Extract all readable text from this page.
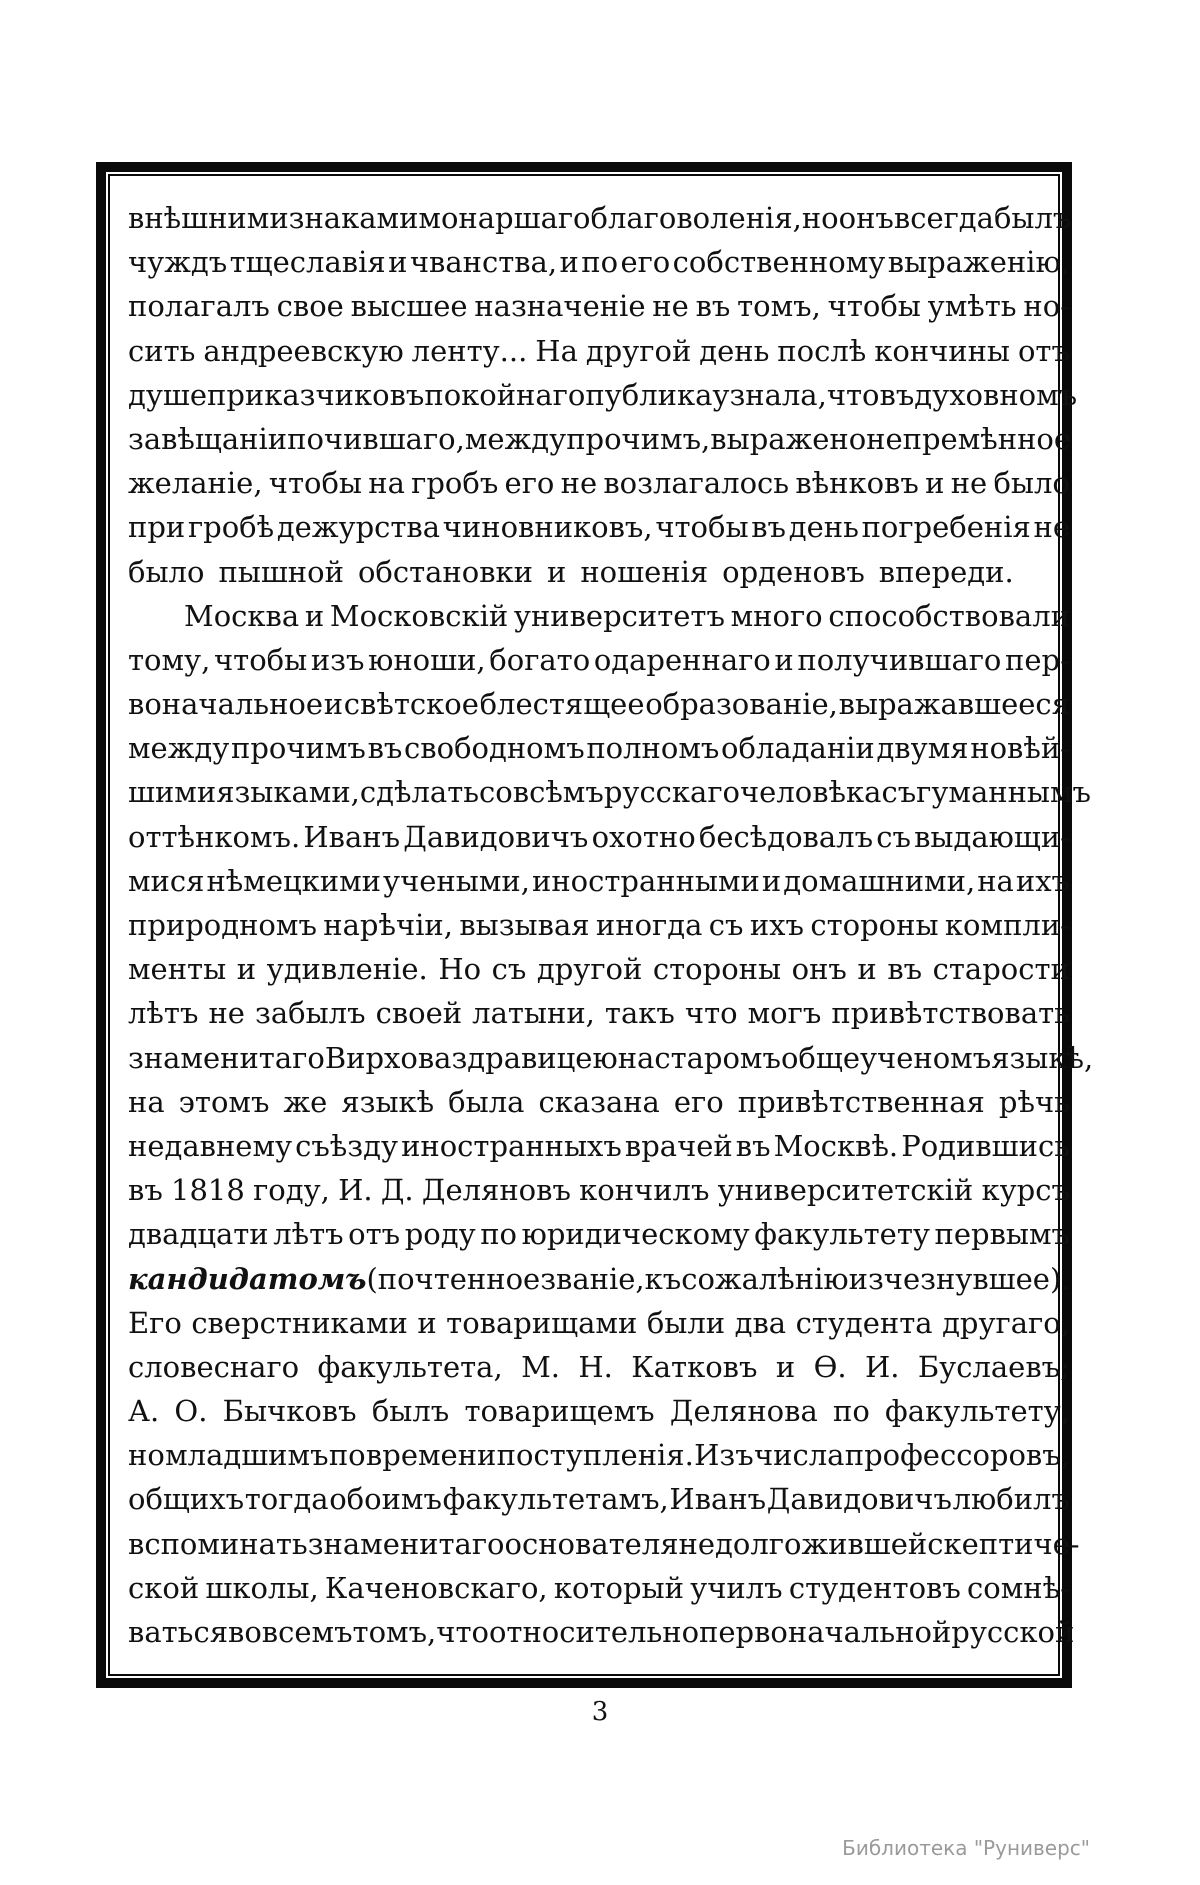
внѣшними знаками монаршаго благоволенія, но онъ всегда былъ
чуждъ тщеславія и чванства, и по его собственному выраженію,
полагалъ свое высшее назначеніе не въ томъ, чтобы умѣть но-
сить андреевскую ленту... На другой день послѣ кончины отъ
душеприказчиковъ покойнаго публика узнала, что въ духовномъ
завѣщаніи почившаго, между прочимъ, выражено непремѣнное
желаніе, чтобы на гробъ его не возлагалось вѣнковъ и не было
при гробѣ дежурства чиновниковъ, чтобы въ день погребенія не
было пышной обстановки и ношенія орденовъ впереди.
Москва и Московскій университетъ много способствовали
тому, чтобы изъ юноши, богато одареннаго и получившаго пер-
воначальное и свѣтское блестящее образованіе, выражавшееся
между прочимъ въ свободномъ полномъ обладаніи двумя новѣй-
шими языками, сдѣлать совсѣмъ русскаго человѣка съ гуманнымъ
оттѣнкомъ. Иванъ Давидовичъ охотно бесѣдовалъ съ выдающи-
мися нѣмецкими учеными, иностранными и домашними, на ихъ
природномъ нарѣчіи, вызывая иногда съ ихъ стороны компли-
менты и удивленіе. Но съ другой стороны онъ и въ старости
лѣтъ не забылъ своей латыни, такъ что могъ привѣтствовать
знаменитаго Вирхова здравицею на старомъ общеученомъ языкѣ,
на этомъ же языкѣ была сказана его привѣтственная рѣчь
недавнему съѣзду иностранныхъ врачей въ Москвѣ. Родившись
въ 1818 году, И. Д. Деляновъ кончилъ университетскій курсъ
двадцати лѣтъ отъ роду по юридическому факультету первымъ
кандидатомъ (почтенное званіе, къ сожалѣнію изчезнувшее).
Его сверстниками и товарищами были два студента другаго,
словеснаго факультета, М. Н. Катковъ и Ѳ. И. Буслаевъ;
А. О. Бычковъ былъ товарищемъ Делянова по факультету,
но младшимъ по времени поступленія. Изъ числа профессоровъ,
общихъ тогда обоимъ факультетамъ, Иванъ Давидовичъ любилъ
вспоминать знаменитаго основателя недолго жившей скептиче-
ской школы, Каченовскаго, который училъ студентовъ сомнѣ-
ваться во всемъ томъ, что относительно первоначальной русской
3
Библиотека "Руниверс"
